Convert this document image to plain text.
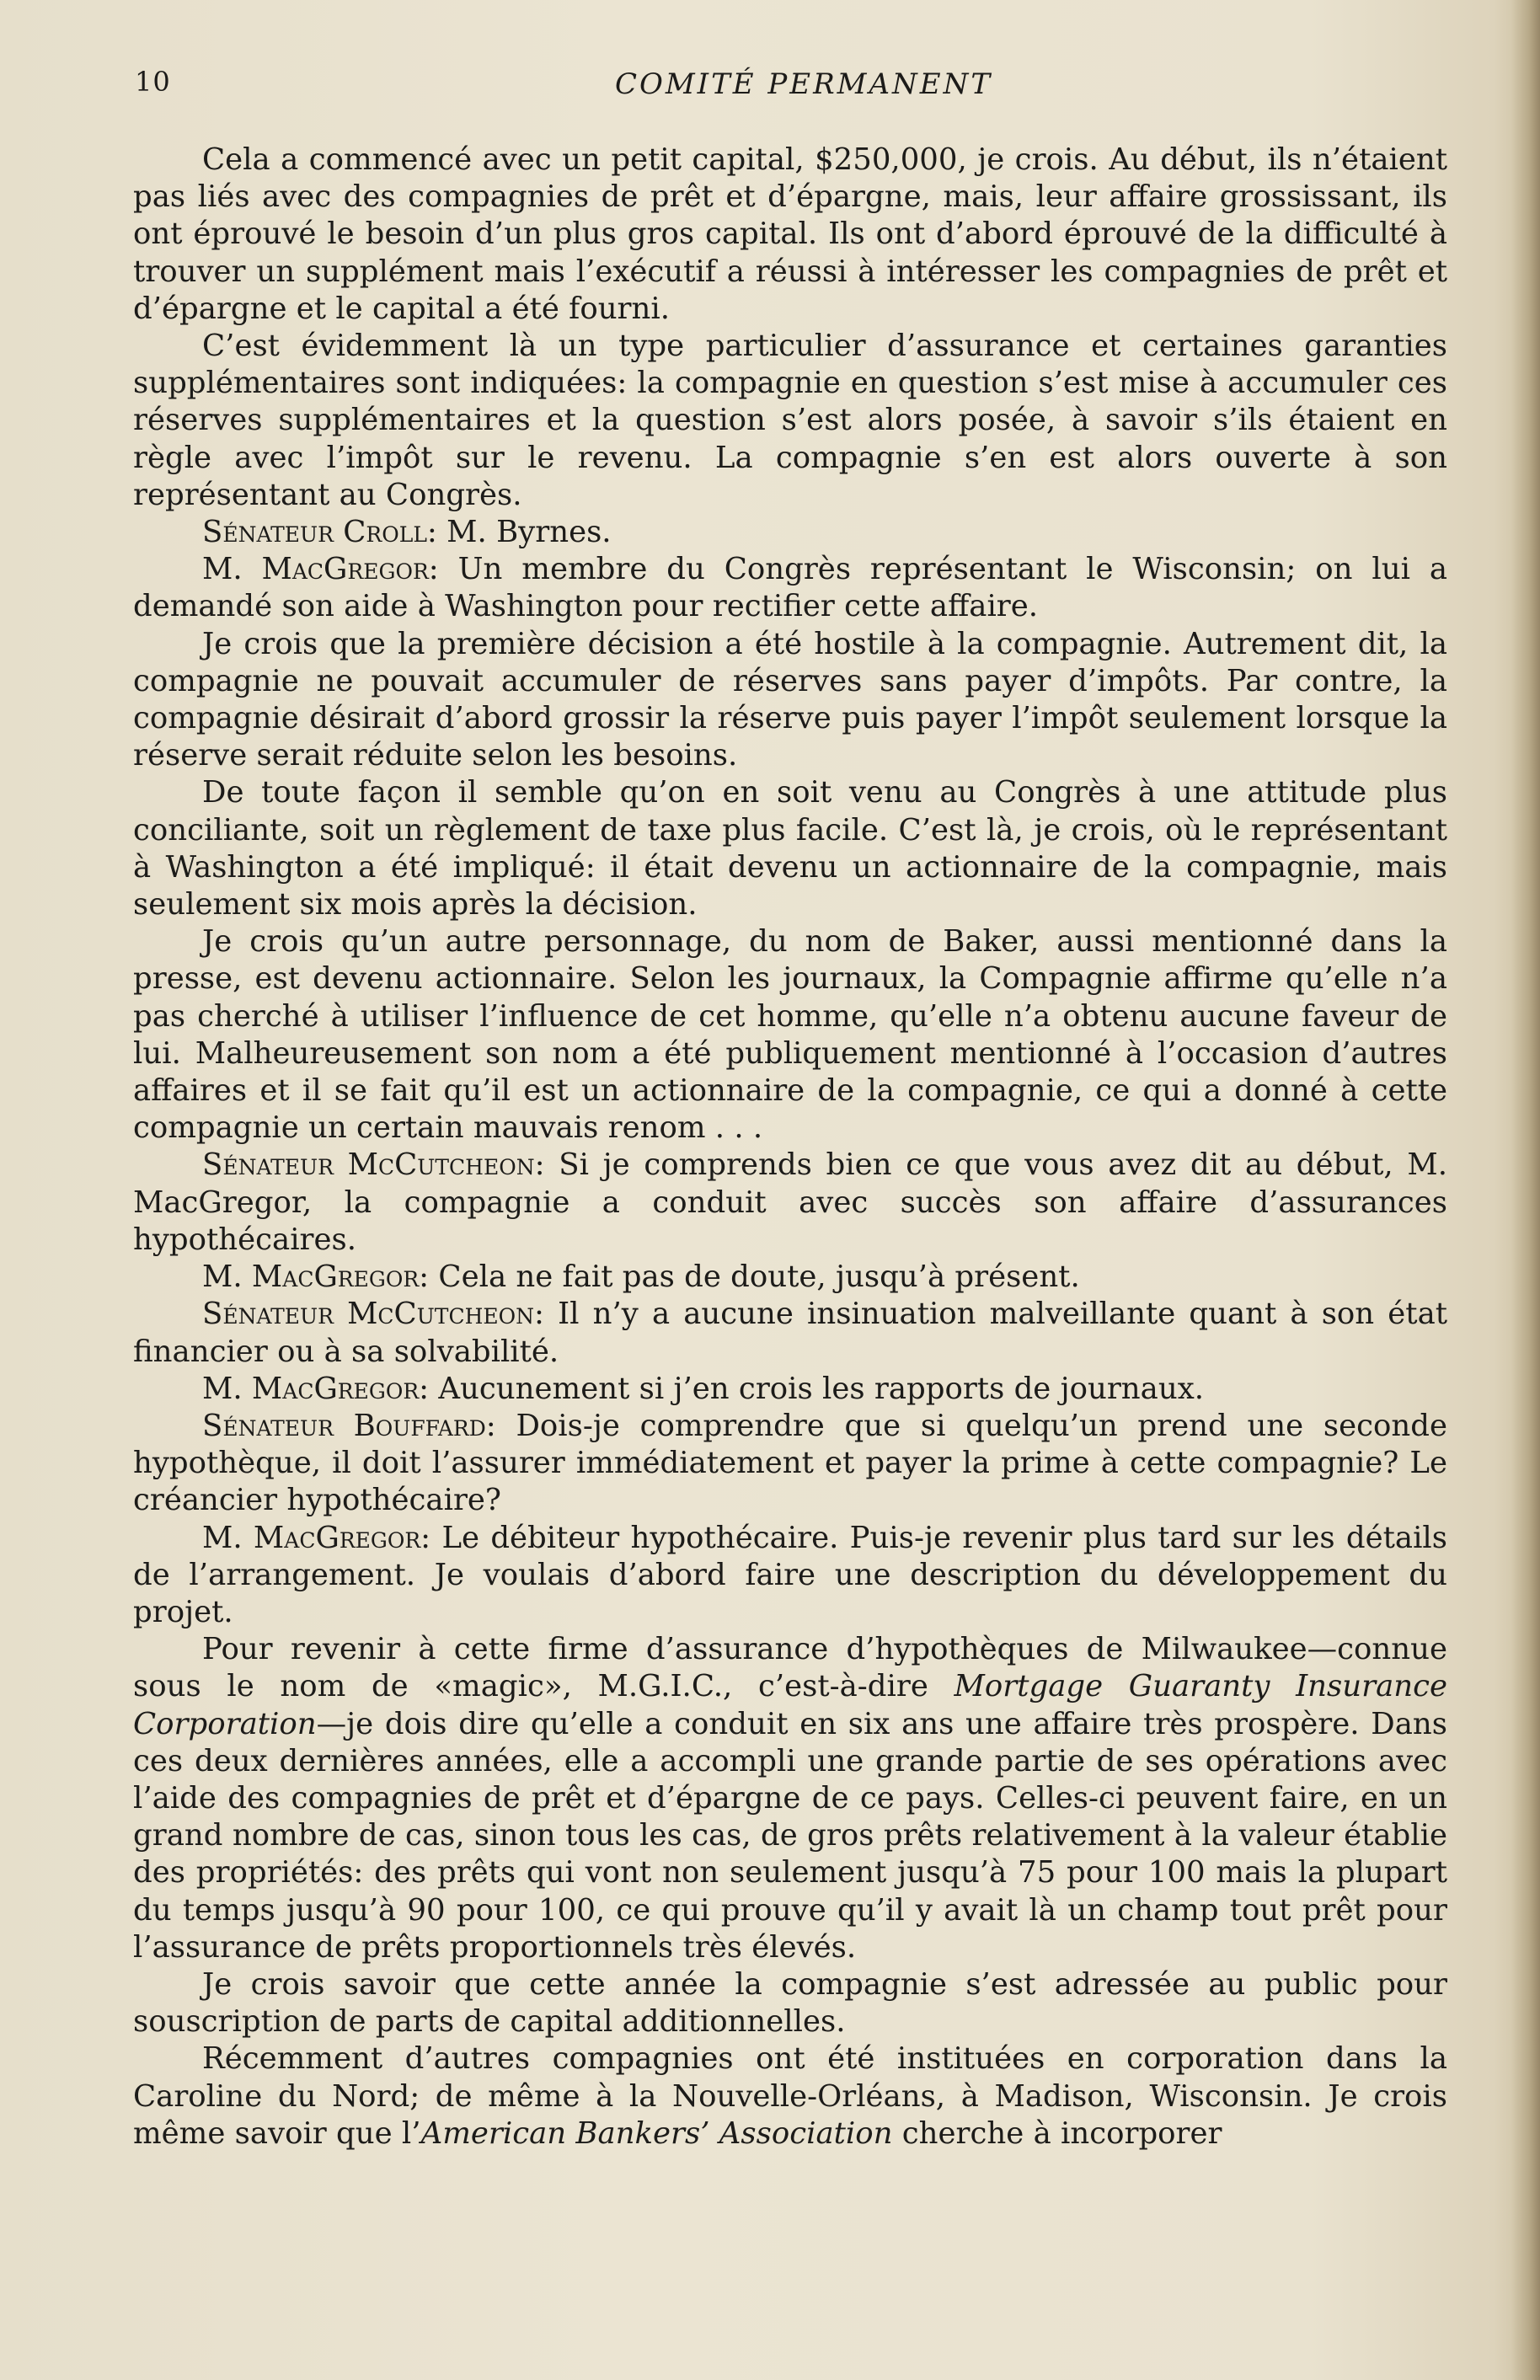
10	COMITÉ PERMANENT

Cela a commencé avec un petit capital, $250,000, je crois. Au début, ils n’étaient pas liés avec des compagnies de prêt et d’épargne, mais, leur affaire grossissant, ils ont éprouvé le besoin d’un plus gros capital. Ils ont d’abord éprouvé de la difficulté à trouver un supplément mais l’exécutif a réussi à intéresser les compagnies de prêt et d’épargne et le capital a été fourni.

C’est évidemment là un type particulier d’assurance et certaines garanties supplémentaires sont indiquées: la compagnie en question s’est mise à accumuler ces réserves supplémentaires et la question s’est alors posée, à savoir s’ils étaient en règle avec l’impôt sur le revenu. La compagnie s’en est alors ouverte à son représentant au Congrès.

Sénateur Croll: M. Byrnes.

M. MacGregor: Un membre du Congrès représentant le Wisconsin; on lui a demandé son aide à Washington pour rectifier cette affaire.

Je crois que la première décision a été hostile à la compagnie. Autrement dit, la compagnie ne pouvait accumuler de réserves sans payer d’impôts. Par contre, la compagnie désirait d’abord grossir la réserve puis payer l’impôt seulement lorsque la réserve serait réduite selon les besoins.

De toute façon il semble qu’on en soit venu au Congrès à une attitude plus conciliante, soit un règlement de taxe plus facile. C’est là, je crois, où le représentant à Washington a été impliqué: il était devenu un actionnaire de la compagnie, mais seulement six mois après la décision.

Je crois qu’un autre personnage, du nom de Baker, aussi mentionné dans la presse, est devenu actionnaire. Selon les journaux, la Compagnie affirme qu’elle n’a pas cherché à utiliser l’influence de cet homme, qu’elle n’a obtenu aucune faveur de lui. Malheureusement son nom a été publiquement mentionné à l’occasion d’autres affaires et il se fait qu’il est un actionnaire de la compagnie, ce qui a donné à cette compagnie un certain mauvais renom . . .

Sénateur McCutcheon: Si je comprends bien ce que vous avez dit au début, M. MacGregor, la compagnie a conduit avec succès son affaire d’assurances hypothécaires.

M. MacGregor: Cela ne fait pas de doute, jusqu’à présent.

Sénateur McCutcheon: Il n’y a aucune insinuation malveillante quant à son état financier ou à sa solvabilité.

M. MacGregor: Aucunement si j’en crois les rapports de journaux.

Sénateur Bouffard: Dois-je comprendre que si quelqu’un prend une seconde hypothèque, il doit l’assurer immédiatement et payer la prime à cette compagnie? Le créancier hypothécaire?

M. MacGregor: Le débiteur hypothécaire. Puis-je revenir plus tard sur les détails de l’arrangement. Je voulais d’abord faire une description du développement du projet.

Pour revenir à cette firme d’assurance d’hypothèques de Milwaukee—connue sous le nom de «magic», M.G.I.C., c’est-à-dire Mortgage Guaranty Insurance Corporation—je dois dire qu’elle a conduit en six ans une affaire très prospère. Dans ces deux dernières années, elle a accompli une grande partie de ses opérations avec l’aide des compagnies de prêt et d’épargne de ce pays. Celles-ci peuvent faire, en un grand nombre de cas, sinon tous les cas, de gros prêts relativement à la valeur établie des propriétés: des prêts qui vont non seulement jusqu’à 75 pour 100 mais la plupart du temps jusqu’à 90 pour 100, ce qui prouve qu’il y avait là un champ tout prêt pour l’assurance de prêts proportionnels très élevés.

Je crois savoir que cette année la compagnie s’est adressée au public pour souscription de parts de capital additionnelles.

Récemment d’autres compagnies ont été instituées en corporation dans la Caroline du Nord; de même à la Nouvelle-Orléans, à Madison, Wisconsin. Je crois même savoir que l’American Bankers’ Association cherche à incorporer
